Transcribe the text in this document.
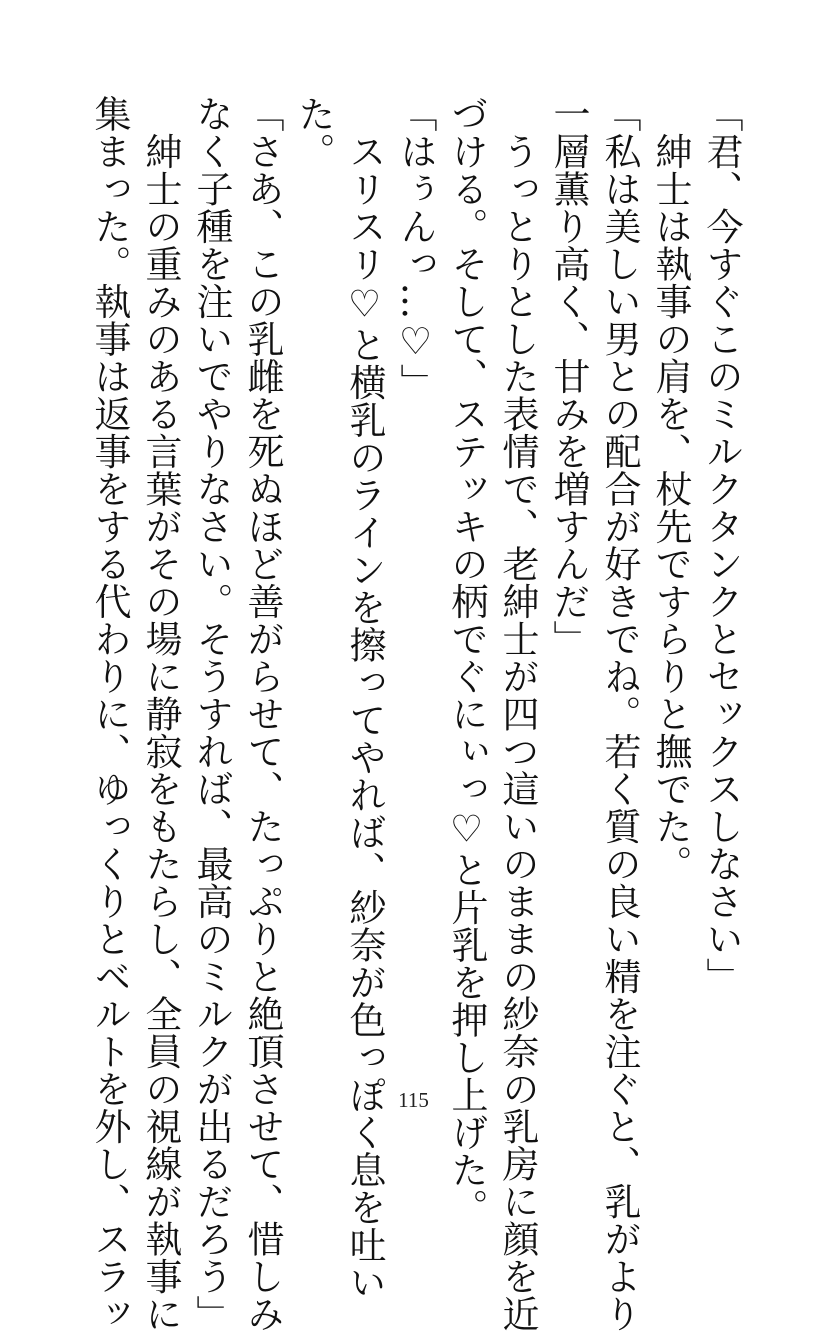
「君、今すぐこのミルクタンクとセックスしなさい」
　紳士は執事の肩を、杖先ですらりと撫でた。
「私は美しい男との配合が好きでね。若く質の良い精を注ぐと、乳がより
一層薫り高く、甘みを増すんだ」
　うっとりとした表情で、老紳士が四つ這いのままの紗奈の乳房に顔を近
づける。そして、ステッキの柄でぐにぃっ♡と片乳を押し上げた。
「はぅんっ…♡」
　スリスリ♡と横乳のラインを擦ってやれば、紗奈が色っぽく息を吐い
た。
「さあ、この乳雌を死ぬほど善がらせて、たっぷりと絶頂させて、惜しみ
なく子種を注いでやりなさい。そうすれば、最高のミルクが出るだろう」
　紳士の重みのある言葉がその場に静寂をもたらし、全員の視線が執事に
集まった。執事は返事をする代わりに、ゆっくりとベルトを外し、スラッ	115
